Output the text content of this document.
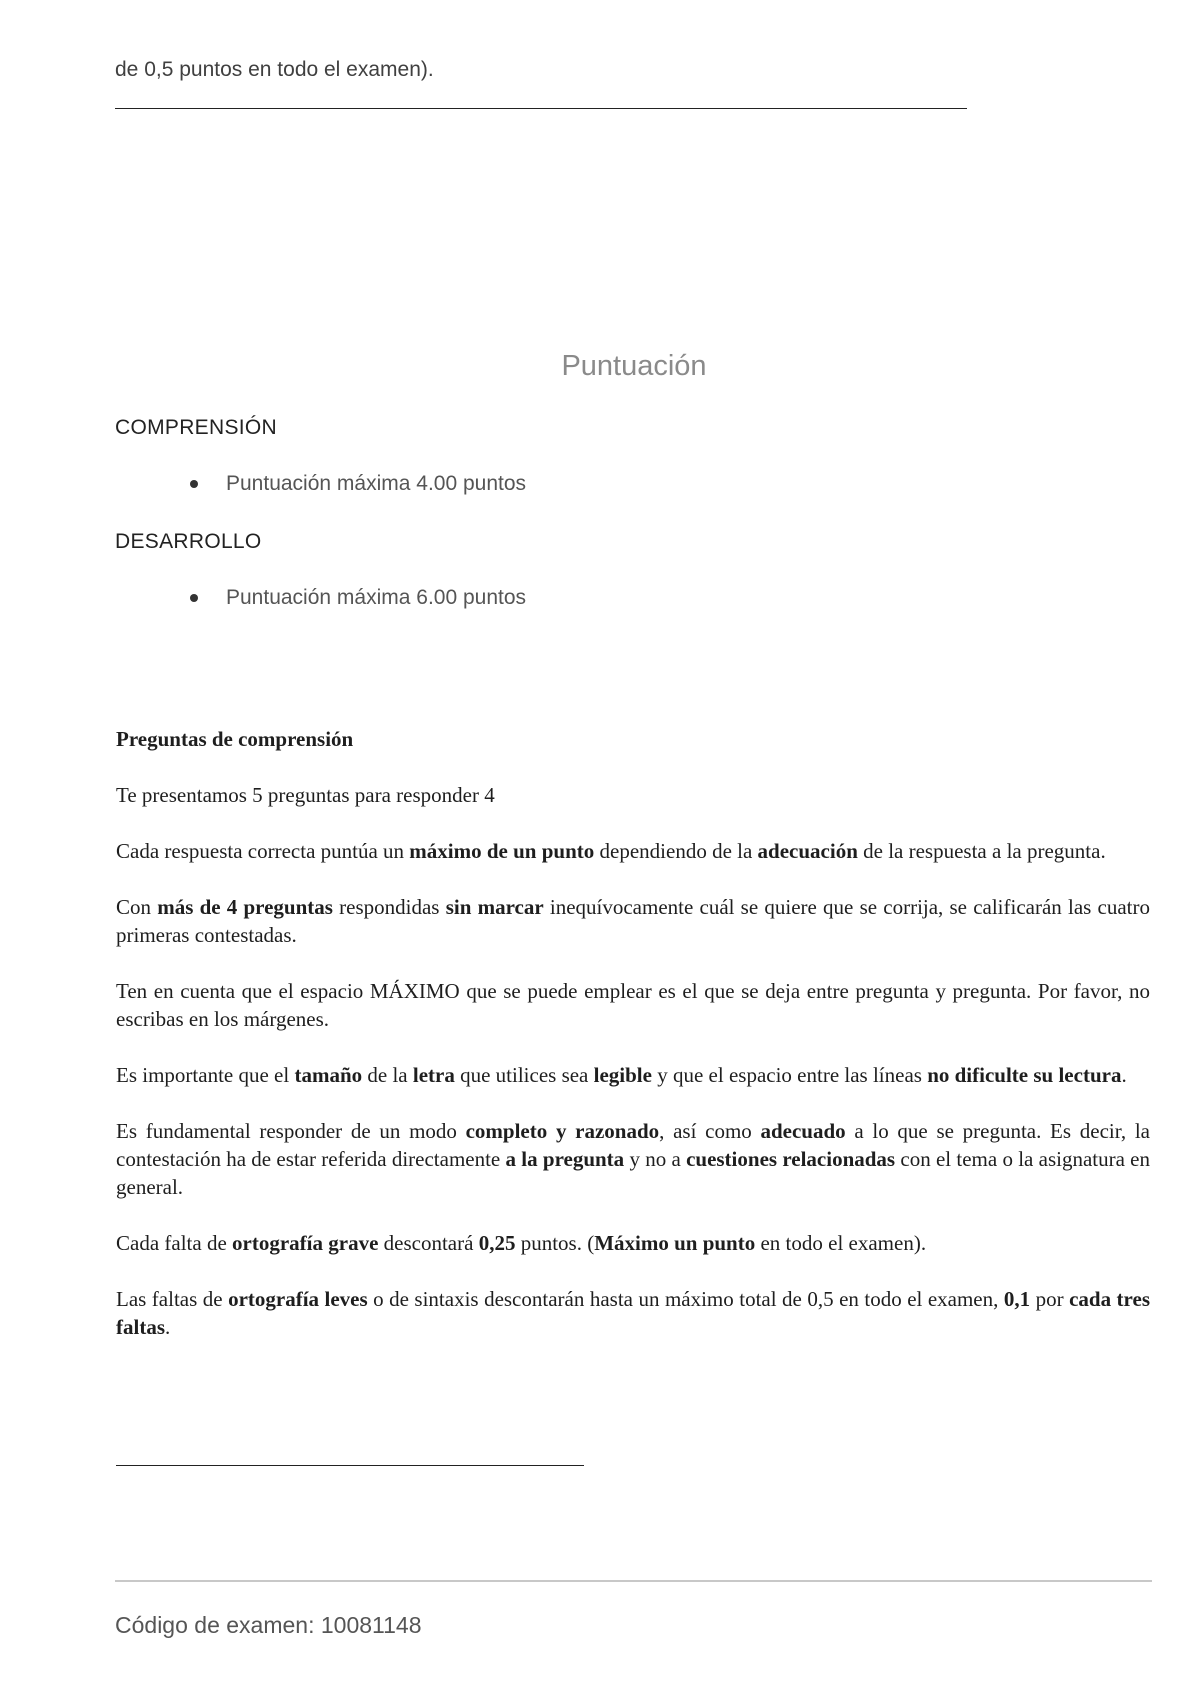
de 0,5 puntos en todo el examen).
Puntuación
COMPRENSIÓN
Puntuación máxima 4.00 puntos
DESARROLLO
Puntuación máxima 6.00 puntos

Preguntas de comprensión

Te presentamos 5 preguntas para responder 4

Cada respuesta correcta puntúa un máximo de un punto dependiendo de la adecuación de la respuesta a la pregunta.

Con más de 4 preguntas respondidas sin marcar inequívocamente cuál se quiere que se corrija, se calificarán las cuatro primeras contestadas.

Ten en cuenta que el espacio MÁXIMO que se puede emplear es el que se deja entre pregunta y pregunta. Por favor, no escribas en los márgenes.

Es importante que el tamaño de la letra que utilices sea legible y que el espacio entre las líneas no dificulte su lectura.

Es fundamental responder de un modo completo y razonado, así como adecuado a lo que se pregunta. Es decir, la contestación ha de estar referida directamente a la pregunta y no a cuestiones relacionadas con el tema o la asignatura en general.

Cada falta de ortografía grave descontará 0,25 puntos. (Máximo un punto en todo el examen).

Las faltas de ortografía leves o de sintaxis descontarán hasta un máximo total de 0,5 en todo el examen, 0,1 por cada tres faltas.

Código de examen: 10081148
